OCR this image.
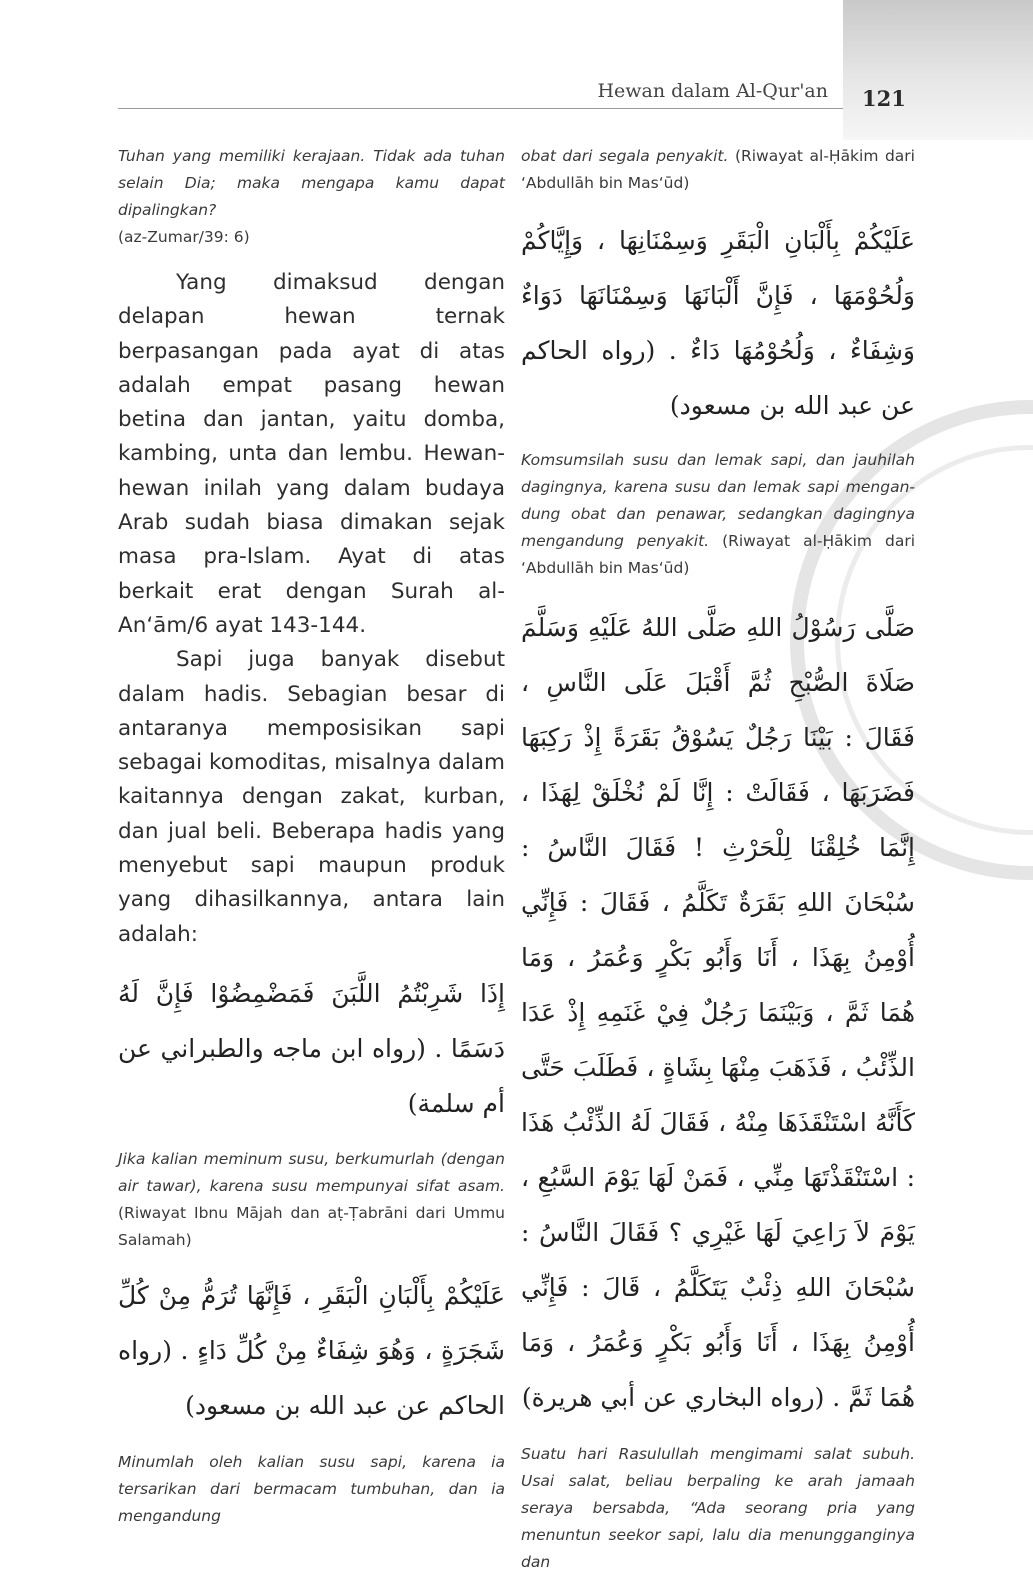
Hewan dalam Al-Qur'an 121

Tuhan yang memiliki kerajaan. Tidak ada tuhan selain Dia; maka mengapa kamu dapat dipalingkan?
(az-Zumar/39: 6)

Yang dimaksud dengan delapan hewan ternak berpasangan pada ayat di atas adalah empat pasang hewan betina dan jantan, yaitu domba, kambing, unta dan lembu. Hewan-hewan inilah yang dalam budaya Arab sudah biasa dimakan sejak masa pra-Islam. Ayat di atas berkait erat dengan Surah al-An‘ām/6 ayat 143-144.

Sapi juga banyak disebut dalam hadis. Sebagian besar di antaranya memposisikan sapi sebagai komoditas, misalnya dalam kaitannya dengan zakat, kurban, dan jual beli. Beberapa hadis yang menyebut sapi maupun produk yang dihasilkannya, antara lain adalah:

إِذَا شَرِبْتُمُ اللَّبَنَ فَمَضْمِضُوْا فَإِنَّ لَهُ دَسَمًا . (رواه ابن ماجه والطبراني عن أم سلمة)

Jika kalian meminum susu, berkumurlah (dengan air tawar), karena susu mempunyai sifat asam. (Riwayat Ibnu Mājah dan aṭ-Ṭabrāni dari Ummu Salamah)

عَلَيْكُمْ بِأَلْبَانِ الْبَقَرِ ، فَإِنَّهَا تُرَمُّ مِنْ كُلِّ شَجَرَةٍ ، وَهُوَ شِفَاءٌ مِنْ كُلِّ دَاءٍ . (رواه الحاكم عن عبد الله بن مسعود)

Minumlah oleh kalian susu sapi, karena ia tersarikan dari bermacam tumbuhan, dan ia mengandung

obat dari segala penyakit. (Riwayat al-Ḥākim dari ‘Abdullāh bin Mas‘ūd)

عَلَيْكُمْ بِأَلْبَانِ الْبَقَرِ وَسِمْنَانِهَا ، وَإِيَّاكُمْ وَلُحُوْمَهَا ، فَإِنَّ أَلْبَانَهَا وَسِمْنَانَهَا دَوَاءٌ وَشِفَاءٌ ، وَلُحُوْمُهَا دَاءٌ . (رواه الحاكم عن عبد الله بن مسعود)

Komsumsilah susu dan lemak sapi, dan jauhilah dagingnya, karena susu dan lemak sapi mengandung obat dan penawar, sedangkan dagingnya mengandung penyakit. (Riwayat al-Ḥākim dari ‘Abdullāh bin Mas‘ūd)

صَلَّى رَسُوْلُ اللهِ صَلَّى اللهُ عَلَيْهِ وَسَلَّمَ صَلَاةَ الصُّبْحِ ثُمَّ أَقْبَلَ عَلَى النَّاسِ ، فَقَالَ : بَيْنَا رَجُلٌ يَسُوْقُ بَقَرَةً إِذْ رَكِبَهَا فَضَرَبَهَا ، فَقَالَتْ : إِنَّا لَمْ نُخْلَقْ لِهَذَا ، إِنَّمَا خُلِقْنَا لِلْحَرْثِ ! فَقَالَ النَّاسُ : سُبْحَانَ اللهِ بَقَرَةٌ تَكَلَّمُ ، فَقَالَ : فَإِنِّي أُوْمِنُ بِهَذَا ، أَنَا وَأَبُو بَكْرٍ وَعُمَرُ ، وَمَا هُمَا ثَمَّ ، وَبَيْنَمَا رَجُلٌ فِيْ غَنَمِهِ إِذْ عَدَا الذِّئْبُ ، فَذَهَبَ مِنْهَا بِشَاةٍ ، فَطَلَبَ حَتَّى كَأَنَّهُ اسْتَنْقَذَهَا مِنْهُ ، فَقَالَ لَهُ الذِّئْبُ هَذَا : اسْتَنْقَذْتَهَا مِنِّي ، فَمَنْ لَهَا يَوْمَ السَّبُعِ ، يَوْمَ لاَ رَاعِيَ لَهَا غَيْرِي ؟ فَقَالَ النَّاسُ : سُبْحَانَ اللهِ ذِئْبٌ يَتَكَلَّمُ ، قَالَ : فَإِنِّي أُوْمِنُ بِهَذَا ، أَنَا وَأَبُو بَكْرٍ وَعُمَرُ ، وَمَا هُمَا ثَمَّ . (رواه البخاري عن أبي هريرة)

Suatu hari Rasulullah mengimami salat subuh. Usai salat, beliau berpaling ke arah jamaah seraya bersabda, “Ada seorang pria yang menuntun seekor sapi, lalu dia menungganginya dan
